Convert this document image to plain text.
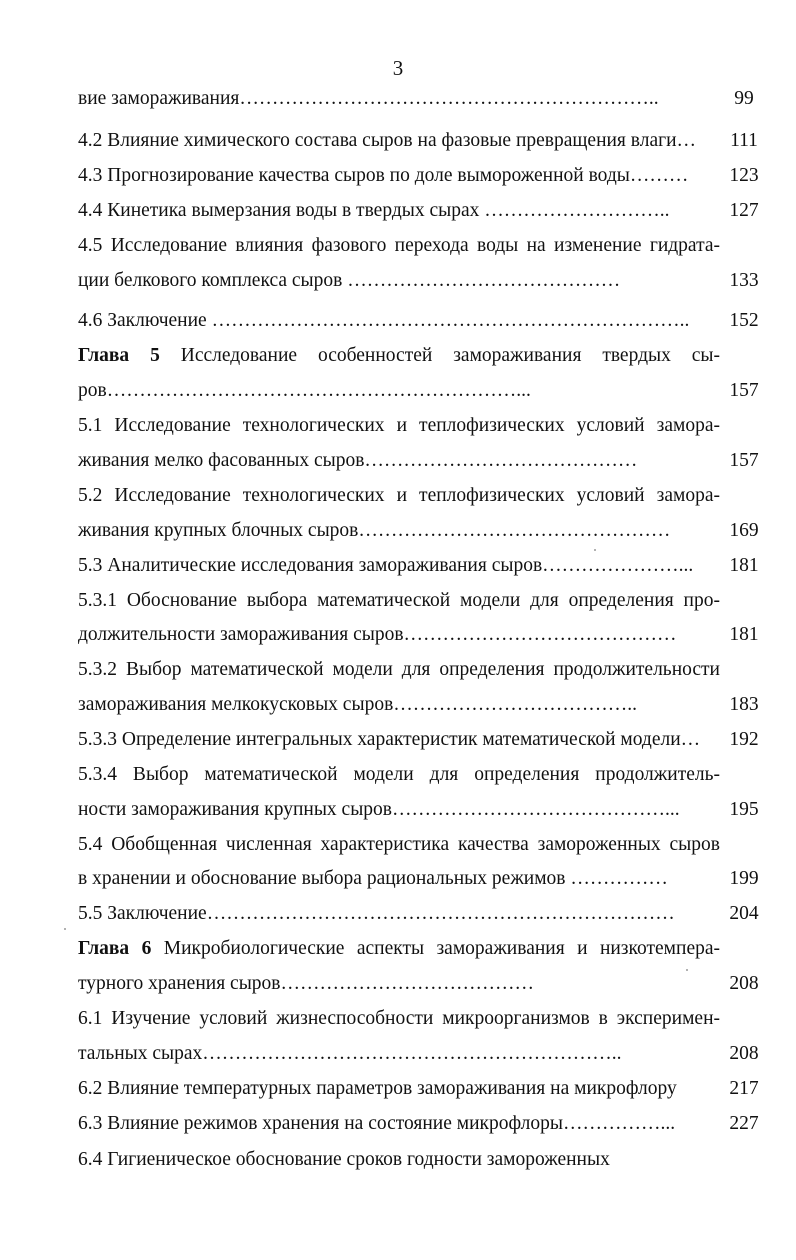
3
вие замораживания………………………………………………………..	99
4.2 Влияние химического состава сыров на фазовые превращения влаги…	111
4.3 Прогнозирование качества сыров по доле вымороженной воды………	123
4.4 Кинетика вымерзания воды в твердых сырах ………………………..	127
4.5 Исследование влияния фазового перехода воды на изменение гидрата-
ции белкового комплекса сыров ……………………………………	133
4.6 Заключение ………………………………………………………………..	152
Глава 5 Исследование особенностей замораживания твердых сы-
ров………………………………………………………...	157
5.1 Исследование технологических и теплофизических условий замора-
живания мелко фасованных сыров……………………………………	157
5.2 Исследование технологических и теплофизических условий замора-
живания крупных блочных сыров…………………………………………	169
5.3 Аналитические исследования замораживания сыров…………………...	181
5.3.1 Обоснование выбора математической модели для определения про-
должительности замораживания сыров……………………………………	181
5.3.2 Выбор математической модели для определения продолжительности
замораживания мелкокусковых сыров………………………………..	183
5.3.3 Определение интегральных характеристик математической модели…	192
5.3.4 Выбор математической модели для определения продолжитель-
ности замораживания крупных сыров……………………………………...	195
5.4 Обобщенная численная характеристика качества замороженных сыров
в хранении и обоснование выбора рациональных режимов ……………	199
5.5 Заключение………………………………………………………………	204
Глава 6 Микробиологические аспекты замораживания и низкотемпера-
турного хранения сыров…………………………………	208
6.1 Изучение условий жизнеспособности микроорганизмов в эксперимен-
тальных сырах………………………………………………………..	208
6.2 Влияние температурных параметров замораживания на микрофлору	217
6.3 Влияние режимов хранения на состояние микрофлоры……………...	227
6.4 Гигиеническое обоснование сроков годности замороженных
